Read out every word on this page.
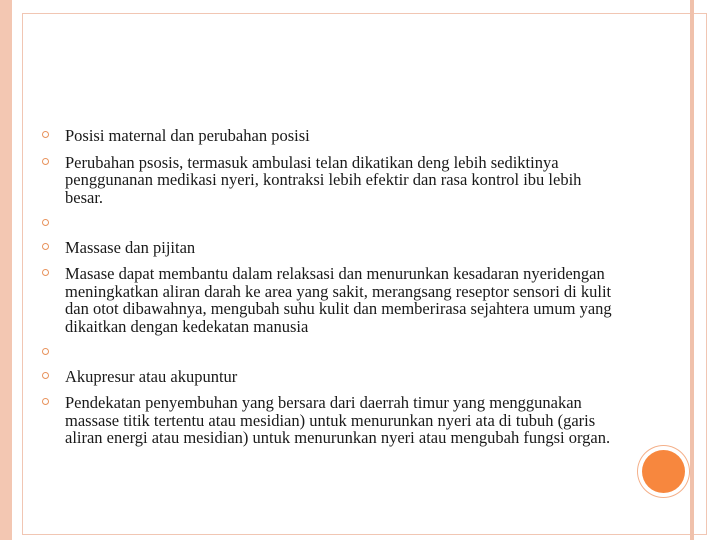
Posisi maternal dan perubahan posisi
Perubahan psosis, termasuk ambulasi telan dikatikan deng lebih sediktinya penggunanan medikasi nyeri, kontraksi lebih efektir dan rasa kontrol ibu lebih besar.
Massase dan pijitan
Masase dapat membantu dalam relaksasi dan menurunkan kesadaran nyeridengan meningkatkan aliran darah ke area yang sakit, merangsang reseptor sensori di kulit dan otot dibawahnya, mengubah suhu kulit dan memberirasa sejahtera umum yang dikaitkan dengan kedekatan manusia
Akupresur atau akupuntur
Pendekatan penyembuhan yang bersara dari daerrah timur yang menggunakan massase titik tertentu atau mesidian) untuk menurunkan nyeri ata di tubuh (garis aliran energi atau mesidian) untuk menurunkan nyeri atau mengubah fungsi organ.
